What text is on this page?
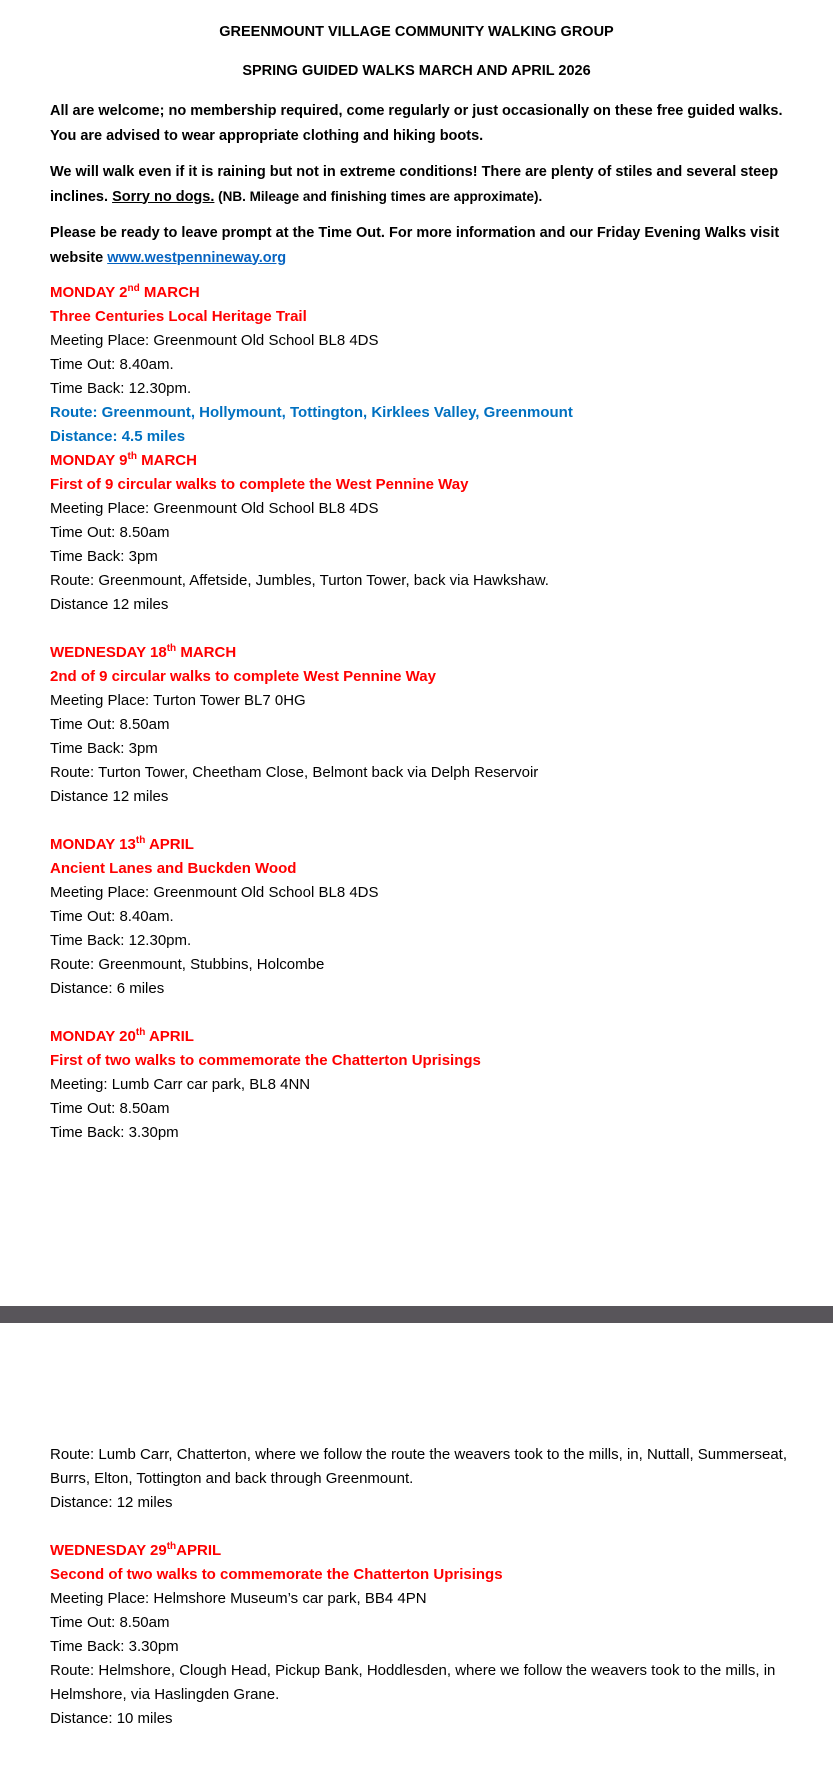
GREENMOUNT VILLAGE COMMUNITY WALKING GROUP
SPRING GUIDED WALKS MARCH AND APRIL 2026

All are welcome; no membership required, come regularly or just occasionally on these free guided walks. You are advised to wear appropriate clothing and hiking boots.

We will walk even if it is raining but not in extreme conditions! There are plenty of stiles and several steep inclines. Sorry no dogs. (NB. Mileage and finishing times are approximate).

Please be ready to leave prompt at the Time Out. For more information and our Friday Evening Walks visit website www.westpennineway.org

MONDAY 2nd MARCH
Three Centuries Local Heritage Trail
Meeting Place: Greenmount Old School BL8 4DS
Time Out: 8.40am.
Time Back: 12.30pm.
Route: Greenmount, Hollymount, Tottington, Kirklees Valley, Greenmount
Distance: 4.5 miles
MONDAY 9th MARCH
First of 9 circular walks to complete the West Pennine Way
Meeting Place: Greenmount Old School BL8 4DS
Time Out: 8.50am
Time Back: 3pm
Route: Greenmount, Affetside, Jumbles, Turton Tower, back via Hawkshaw.
Distance 12 miles
WEDNESDAY 18th MARCH
2nd of 9 circular walks to complete West Pennine Way
Meeting Place: Turton Tower BL7 0HG
Time Out: 8.50am
Time Back: 3pm
Route: Turton Tower, Cheetham Close, Belmont back via Delph Reservoir
Distance 12 miles
MONDAY 13th APRIL
Ancient Lanes and Buckden Wood
Meeting Place: Greenmount Old School BL8 4DS
Time Out: 8.40am.
Time Back: 12.30pm.
Route: Greenmount, Stubbins, Holcombe
Distance: 6 miles
MONDAY 20th APRIL
First of two walks to commemorate the Chatterton Uprisings
Meeting: Lumb Carr car park, BL8 4NN
Time Out: 8.50am
Time Back: 3.30pm
Route: Lumb Carr, Chatterton, where we follow the route the weavers took to the mills, in, Nuttall, Summerseat, Burrs, Elton, Tottington and back through Greenmount.
Distance: 12 miles
WEDNESDAY 29thAPRIL
Second of two walks to commemorate the Chatterton Uprisings
Meeting Place: Helmshore Museum’s car park, BB4 4PN
Time Out: 8.50am
Time Back: 3.30pm
Route: Helmshore, Clough Head, Pickup Bank, Hoddlesden, where we follow the weavers took to the mills, in Helmshore, via Haslingden Grane.
Distance: 10 miles
